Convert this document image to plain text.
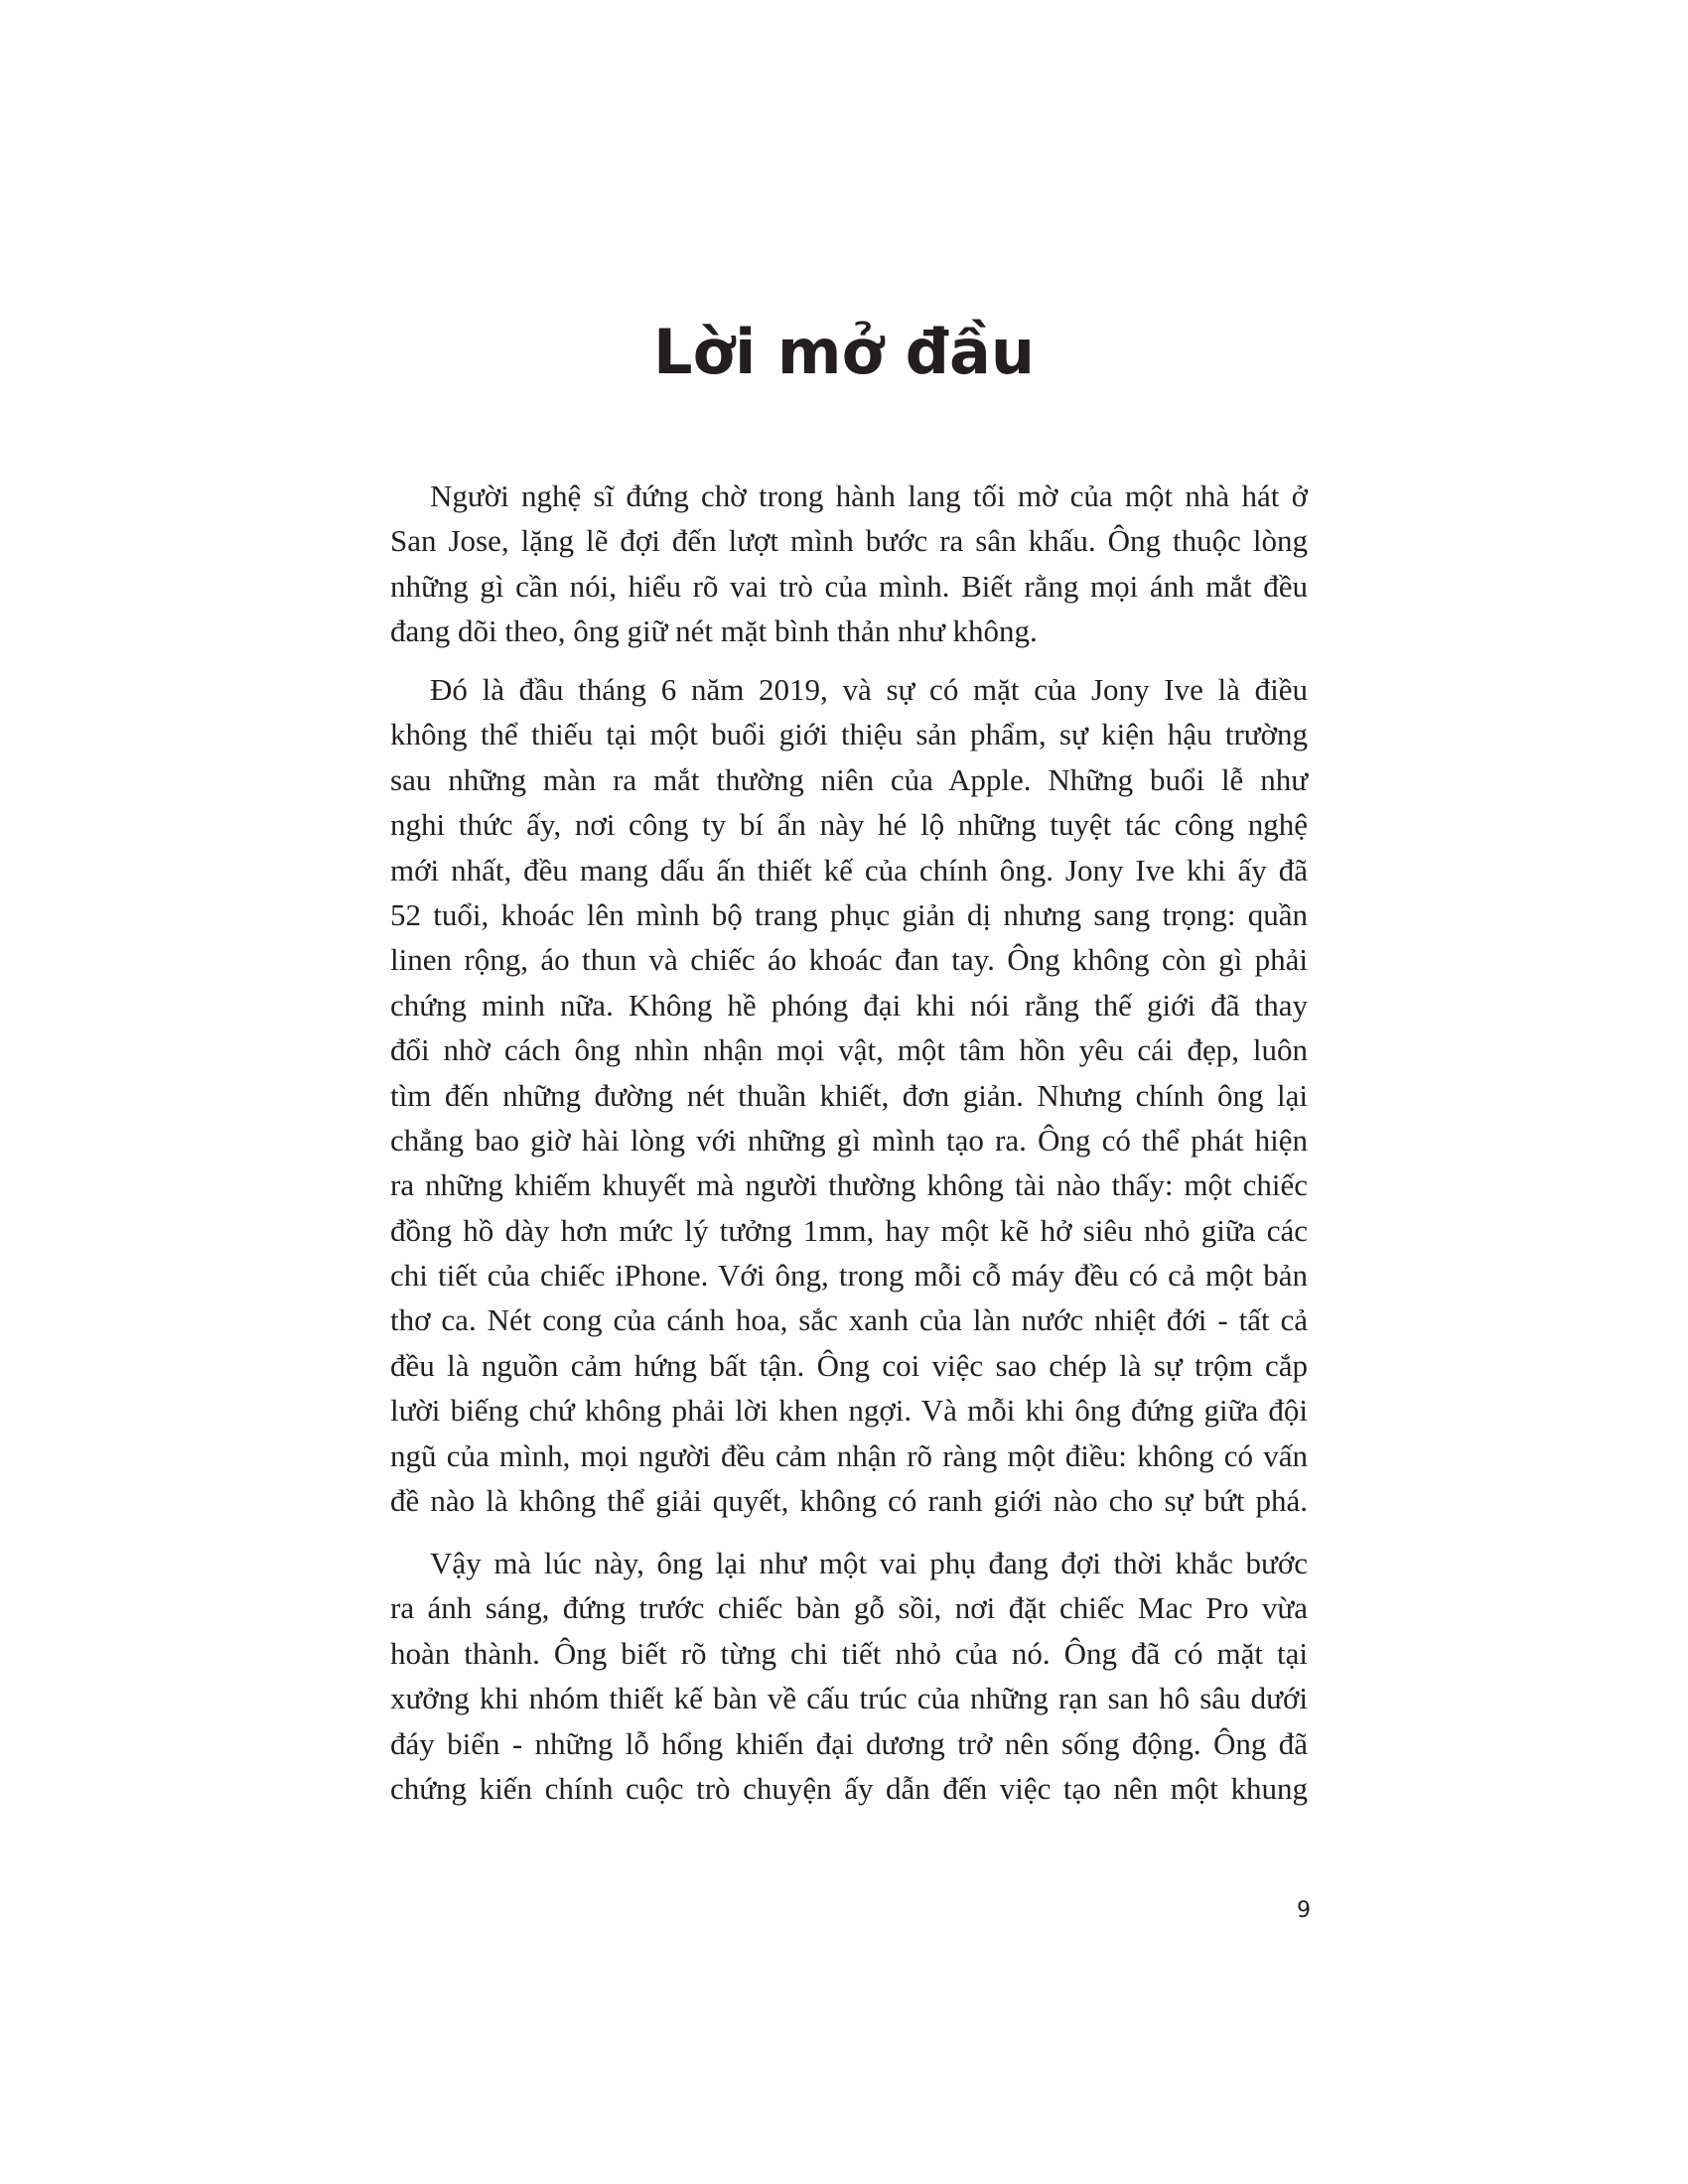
Lời mở đầu
Người nghệ sĩ đứng chờ trong hành lang tối mờ của một nhà hát ở
San Jose, lặng lẽ đợi đến lượt mình bước ra sân khấu. Ông thuộc lòng
những gì cần nói, hiểu rõ vai trò của mình. Biết rằng mọi ánh mắt đều
đang dõi theo, ông giữ nét mặt bình thản như không.
Đó là đầu tháng 6 năm 2019, và sự có mặt của Jony Ive là điều
không thể thiếu tại một buổi giới thiệu sản phẩm, sự kiện hậu trường
sau những màn ra mắt thường niên của Apple. Những buổi lễ như
nghi thức ấy, nơi công ty bí ẩn này hé lộ những tuyệt tác công nghệ
mới nhất, đều mang dấu ấn thiết kế của chính ông. Jony Ive khi ấy đã
52 tuổi, khoác lên mình bộ trang phục giản dị nhưng sang trọng: quần
linen rộng, áo thun và chiếc áo khoác đan tay. Ông không còn gì phải
chứng minh nữa. Không hề phóng đại khi nói rằng thế giới đã thay
đổi nhờ cách ông nhìn nhận mọi vật, một tâm hồn yêu cái đẹp, luôn
tìm đến những đường nét thuần khiết, đơn giản. Nhưng chính ông lại
chẳng bao giờ hài lòng với những gì mình tạo ra. Ông có thể phát hiện
ra những khiếm khuyết mà người thường không tài nào thấy: một chiếc
đồng hồ dày hơn mức lý tưởng 1mm, hay một kẽ hở siêu nhỏ giữa các
chi tiết của chiếc iPhone. Với ông, trong mỗi cỗ máy đều có cả một bản
thơ ca. Nét cong của cánh hoa, sắc xanh của làn nước nhiệt đới - tất cả
đều là nguồn cảm hứng bất tận. Ông coi việc sao chép là sự trộm cắp
lười biếng chứ không phải lời khen ngợi. Và mỗi khi ông đứng giữa đội
ngũ của mình, mọi người đều cảm nhận rõ ràng một điều: không có vấn
đề nào là không thể giải quyết, không có ranh giới nào cho sự bứt phá.
Vậy mà lúc này, ông lại như một vai phụ đang đợi thời khắc bước
ra ánh sáng, đứng trước chiếc bàn gỗ sồi, nơi đặt chiếc Mac Pro vừa
hoàn thành. Ông biết rõ từng chi tiết nhỏ của nó. Ông đã có mặt tại
xưởng khi nhóm thiết kế bàn về cấu trúc của những rạn san hô sâu dưới
đáy biển - những lỗ hổng khiến đại dương trở nên sống động. Ông đã
chứng kiến chính cuộc trò chuyện ấy dẫn đến việc tạo nên một khung
9
